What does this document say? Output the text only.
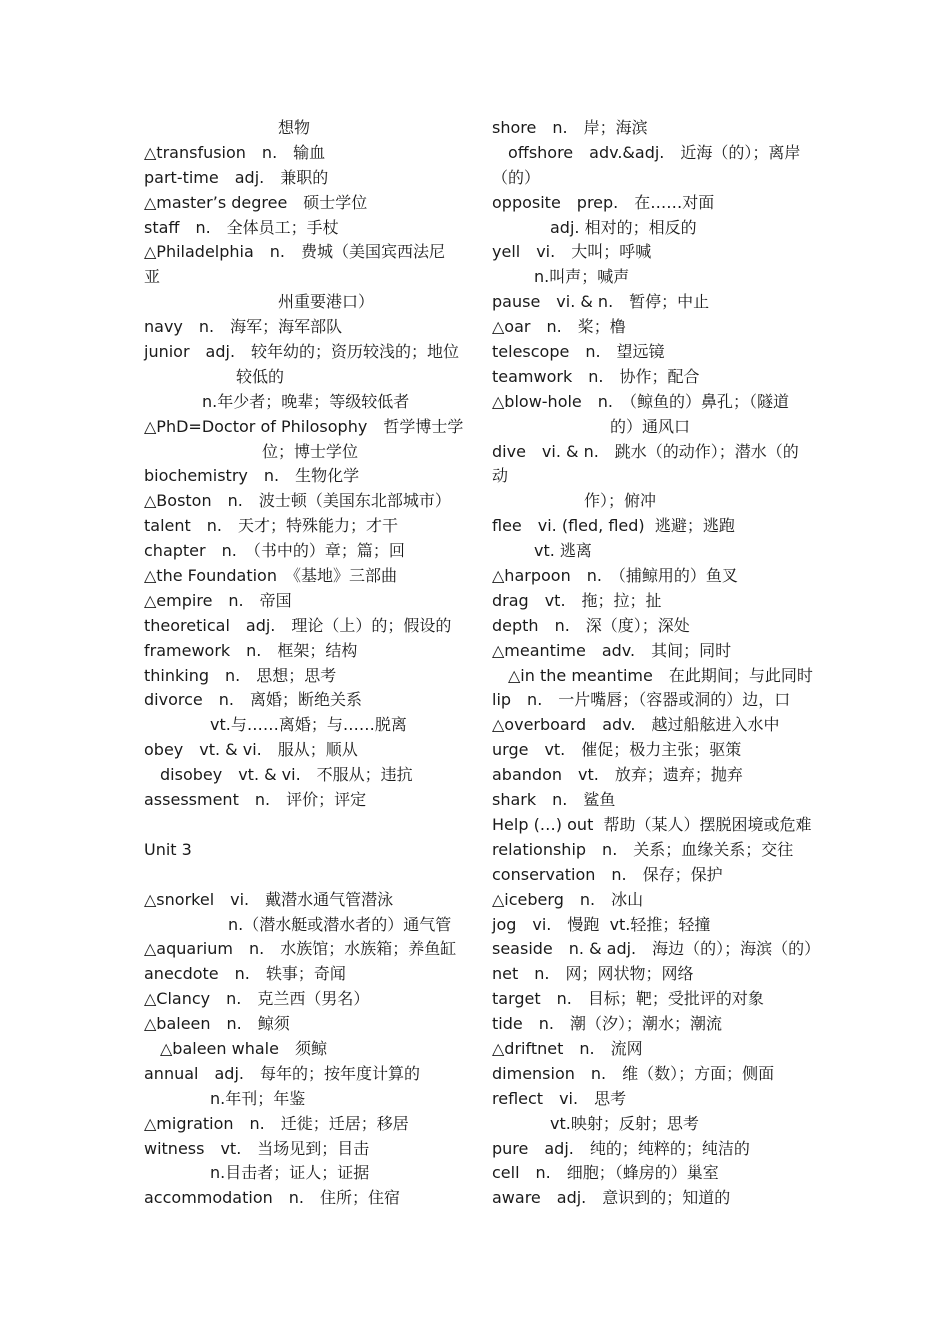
想物
△transfusion　n.　输血
part-time　adj.　兼职的
△master’s degree　硕士学位
staff　n.　全体员工；手杖
△Philadelphia　n.　费城（美国宾西法尼
亚
州重要港口）
navy　n.　海军；海军部队
junior　adj.　较年幼的；资历较浅的；地位
较低的
n.年少者；晚辈；等级较低者
△PhD=Doctor of Philosophy　哲学博士学
位；博士学位
biochemistry　n.　生物化学
△Boston　n.　波士顿（美国东北部城市）
talent　n.　天才；特殊能力；才干
chapter　n.　（书中的）章；篇；回
△the Foundation　《基地》三部曲
△empire　n.　帝国
theoretical　adj.　理论（上）的；假设的
framework　n.　框架；结构
thinking　n.　思想；思考
divorce　n.　离婚；断绝关系
vt.与……离婚；与……脱离
obey　vt. & vi.　服从；顺从
disobey　vt. & vi.　不服从；违抗
assessment　n.　评价；评定
Unit 3
△snorkel　vi.　戴潜水通气管潜泳
n.（潜水艇或潜水者的）通气管
△aquarium　n.　水族馆；水族箱；养鱼缸
anecdote　n.　轶事；奇闻
△Clancy　n.　克兰西（男名）
△baleen　n.　鲸须
△baleen whale　须鲸
annual　adj.　每年的；按年度计算的
n.年刊；年鉴
△migration　n.　迁徙；迁居；移居
witness　vt.　当场见到；目击
n.目击者；证人；证据
accommodation　n.　住所；住宿
shore　n.　岸；海滨
offshore　adv.&adj.　近海（的）；离岸
（的）
opposite　prep.　在……对面
adj. 相对的；相反的
yell　vi.　大叫；呼喊
n.叫声；喊声
pause　vi. & n.　暂停；中止
△oar　n.　桨；橹
telescope　n.　望远镜
teamwork　n.　协作；配合
△blow-hole　n.　（鲸鱼的）鼻孔；（隧道
的）通风口
dive　vi. & n.　跳水（的动作）；潜水（的
动
作）；俯冲
flee　vi. (fled, fled)  逃避；逃跑
vt. 逃离
△harpoon　n.　（捕鲸用的）鱼叉
drag　vt.　拖；拉；扯
depth　n.　深（度）；深处
△meantime　adv.　其间；同时
△in the meantime　在此期间；与此同时
lip　n.　一片嘴唇；（容器或洞的）边，口
△overboard　adv.　越过船舷进入水中
urge　vt.　催促；极力主张；驱策
abandon　vt.　放弃；遗弃；抛弃
shark　n.　鲨鱼
Help (…) out  帮助（某人）摆脱困境或危难
relationship　n.　关系；血缘关系；交往
conservation　n.　保存；保护
△iceberg　n.　冰山
jog　vi.　慢跑  vt.轻推；轻撞
seaside　n. & adj.　海边（的）；海滨（的）
net　n.　网；网状物；网络
target　n.　目标；靶；受批评的对象
tide　n.　潮（汐）；潮水；潮流
△driftnet　n.　流网
dimension　n.　维（数）；方面；侧面
reflect　vi.　思考
vt.映射；反射；思考
pure　adj.　纯的；纯粹的；纯洁的
cell　n.　细胞；（蜂房的）巢室
aware　adj.　意识到的；知道的
